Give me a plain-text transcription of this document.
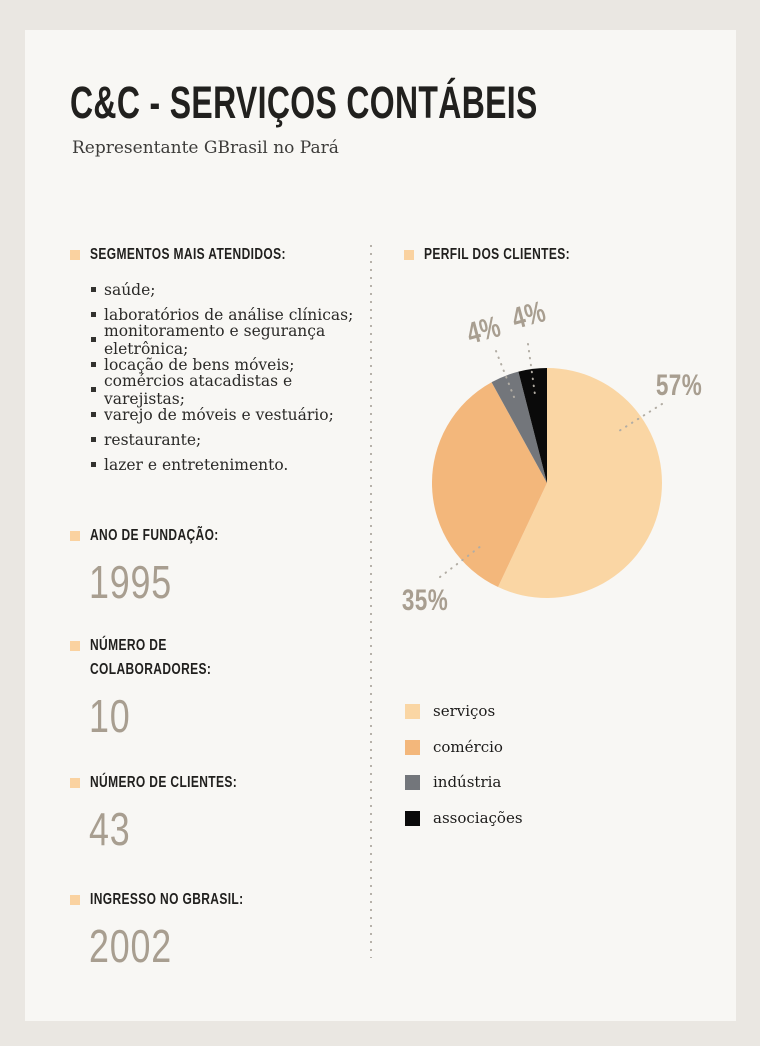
C&C - SERVIÇOS CONTÁBEIS
Representante GBrasil no Pará
SEGMENTOS MAIS ATENDIDOS:
saúde;
laboratórios de análise clínicas;
monitoramento e segurança eletrônica;
locação de bens móveis;
comércios atacadistas e varejistas;
varejo de móveis e vestuário;
restaurante;
lazer e entretenimento.
ANO DE FUNDAÇÃO:
1995
NÚMERO DE COLABORADORES:
10
NÚMERO DE CLIENTES:
43
INGRESSO NO GBRASIL:
2002
PERFIL DOS CLIENTES:
57%
35%
4% 4%
serviços
comércio
indústria
associações
